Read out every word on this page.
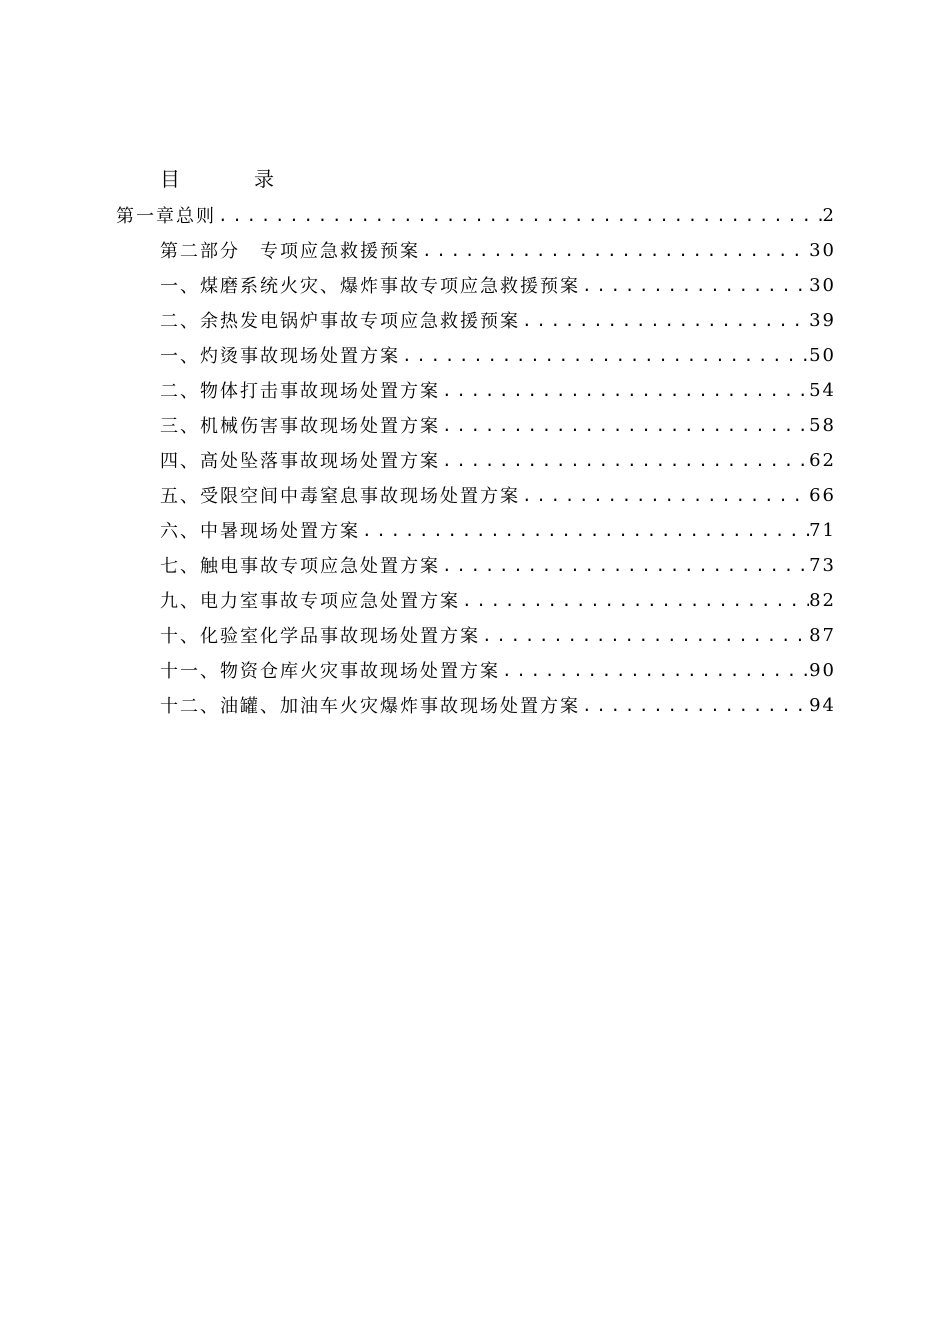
目	录
第一章总则 .....	2
第二部分　专项应急救援预案 .....	30
一、煤磨系统火灾、爆炸事故专项应急救援预案 .....	30
二、余热发电锅炉事故专项应急救援预案 .....	39
一、灼烫事故现场处置方案 .....	50
二、物体打击事故现场处置方案 .....	54
三、机械伤害事故现场处置方案 .....	58
四、高处坠落事故现场处置方案 .....	62
五、受限空间中毒窒息事故现场处置方案 .....	66
六、中暑现场处置方案 .....	71
七、触电事故专项应急处置方案 .....	73
九、电力室事故专项应急处置方案 .....	82
十、化验室化学品事故现场处置方案 .....	87
十一、物资仓库火灾事故现场处置方案 .....	90
十二、油罐、加油车火灾爆炸事故现场处置方案 .....	94
